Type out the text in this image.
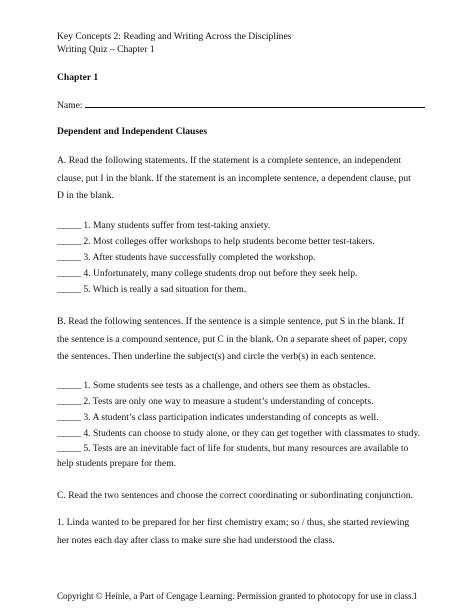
Key Concepts 2: Reading and Writing Across the Disciplines
Writing Quiz – Chapter 1
Chapter 1
Name:
Dependent and Independent Clauses
A. Read the following statements. If the statement is a complete sentence, an independent clause, put I in the blank. If the statement is an incomplete sentence, a dependent clause, put D in the blank.
_____ 1. Many students suffer from test-taking anxiety.
_____ 2. Most colleges offer workshops to help students become better test-takers.
_____ 3. After students have successfully completed the workshop.
_____ 4. Unfortunately, many college students drop out before they seek help.
_____ 5. Which is really a sad situation for them.
B. Read the following sentences. If the sentence is a simple sentence, put S in the blank. If the sentence is a compound sentence, put C in the blank. On a separate sheet of paper, copy the sentences. Then underline the subject(s) and circle the verb(s) in each sentence.
_____ 1. Some students see tests as a challenge, and others see them as obstacles.
_____ 2. Tests are only one way to measure a student’s understanding of concepts.
_____ 3. A student’s class participation indicates understanding of concepts as well.
_____ 4. Students can choose to study alone, or they can get together with classmates to study.
_____ 5. Tests are an inevitable fact of life for students, but many resources are available to help students prepare for them.
C. Read the two sentences and choose the correct coordinating or subordinating conjunction.
1. Linda wanted to be prepared for her first chemistry exam; so / thus, she started reviewing her notes each day after class to make sure she had understood the class.
Copyright © Heinle, a Part of Cengage Learning. Permission granted to photocopy for use in class. 1
